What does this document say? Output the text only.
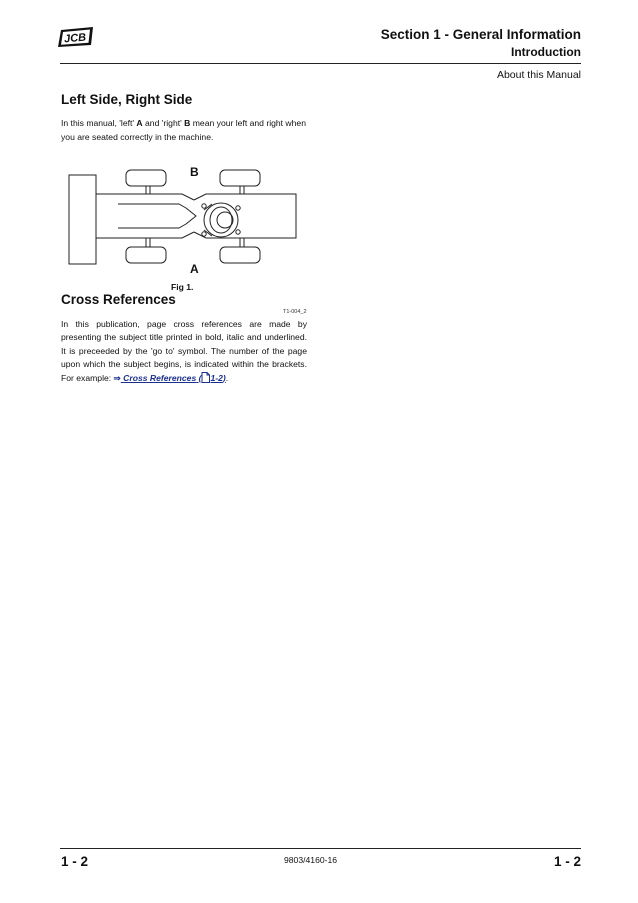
JCB	Section 1 - General Information
Introduction
About this Manual
Left Side, Right Side
In this manual, 'left' A and 'right' B mean your left and right when you are seated correctly in the machine.
B
A
Fig 1.
Cross References
T1-004_2
In this publication, page cross references are made by presenting the subject title printed in bold, italic and underlined. It is preceeded by the 'go to' symbol. The number of the page upon which the subject begins, is indicated within the brackets. For example: ⇒ Cross References ( 1-2).
1 - 2	9803/4160-16	1 - 2
